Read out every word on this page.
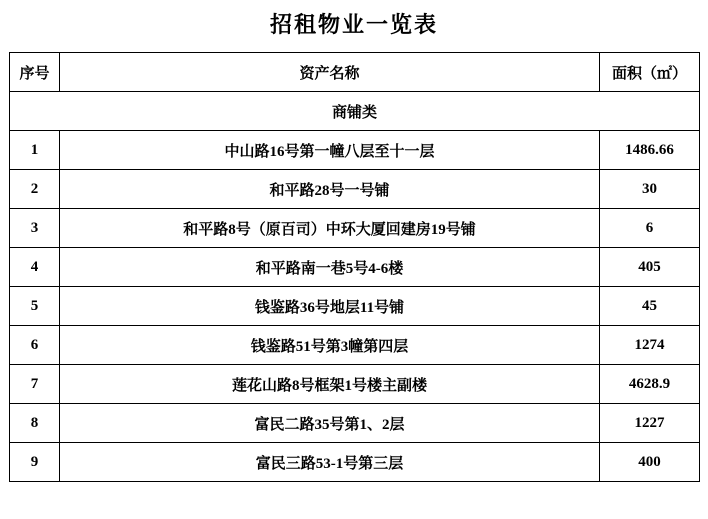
招租物业一览表
序号	资产名称	面积（㎡）
商铺类		
1	中山路16号第一幢八层至十一层	1486.66
2	和平路28号一号铺	30
3	和平路8号（原百司）中环大厦回建房19号铺	6
4	和平路南一巷5号4-6楼	405
5	钱鉴路36号地层11号铺	45
6	钱鉴路51号第3幢第四层	1274
7	莲花山路8号框架1号楼主副楼	4628.9
8	富民二路35号第1、2层	1227
9	富民三路53-1号第三层	400
